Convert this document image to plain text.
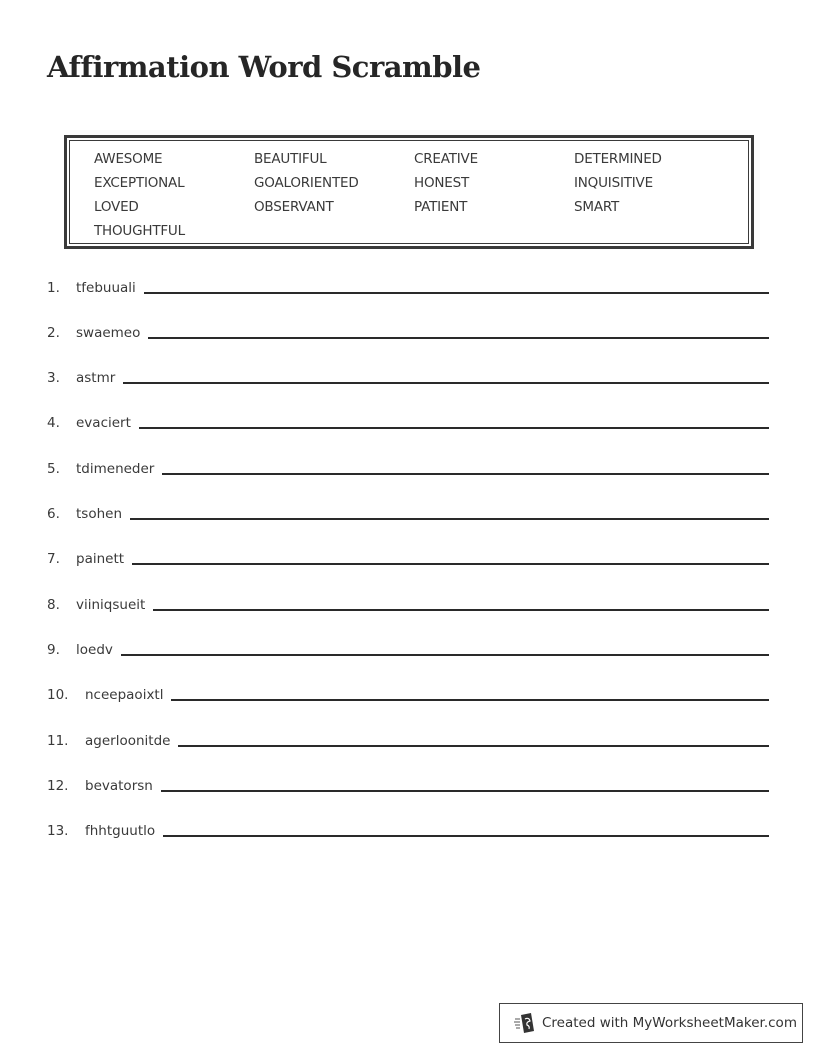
Affirmation Word Scramble
AWESOME
EXCEPTIONAL
LOVED
THOUGHTFUL
BEAUTIFUL
GOALORIENTED
OBSERVANT
CREATIVE
HONEST
PATIENT
DETERMINED
INQUISITIVE
SMART
1.	tfebuuali
2.	swaemeo
3.	astmr
4.	evaciert
5.	tdimeneder
6.	tsohen
7.	painett
8.	viiniqsueit
9.	loedv
10.	nceepaoixtl
11.	agerloonitde
12.	bevatorsn
13.	fhhtguutlo
Created with MyWorksheetMaker.com
